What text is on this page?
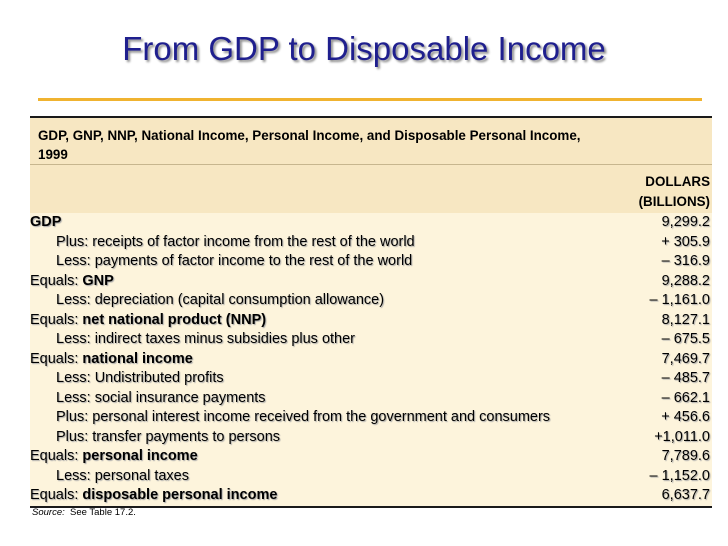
From GDP to Disposable Income
GDP, GNP, NNP, National Income, Personal Income, and Disposable Personal Income,
1999
DOLLARS
(BILLIONS)
GDP	9,299.2
Plus: receipts of factor income from the rest of the world	+ 305.9
Less: payments of factor income to the rest of the world	– 316.9
Equals: GNP	9,288.2
Less: depreciation (capital consumption allowance)	– 1,161.0
Equals: net national product (NNP)	8,127.1
Less: indirect taxes minus subsidies plus other	– 675.5
Equals: national income	7,469.7
Less: Undistributed profits	– 485.7
Less: social insurance payments	– 662.1
Plus: personal interest income received from the government and consumers	+ 456.6
Plus: transfer payments to persons	+1,011.0
Equals: personal income	7,789.6
Less: personal taxes	– 1,152.0
Equals: disposable personal income	6,637.7
Source: See Table 17.2.
